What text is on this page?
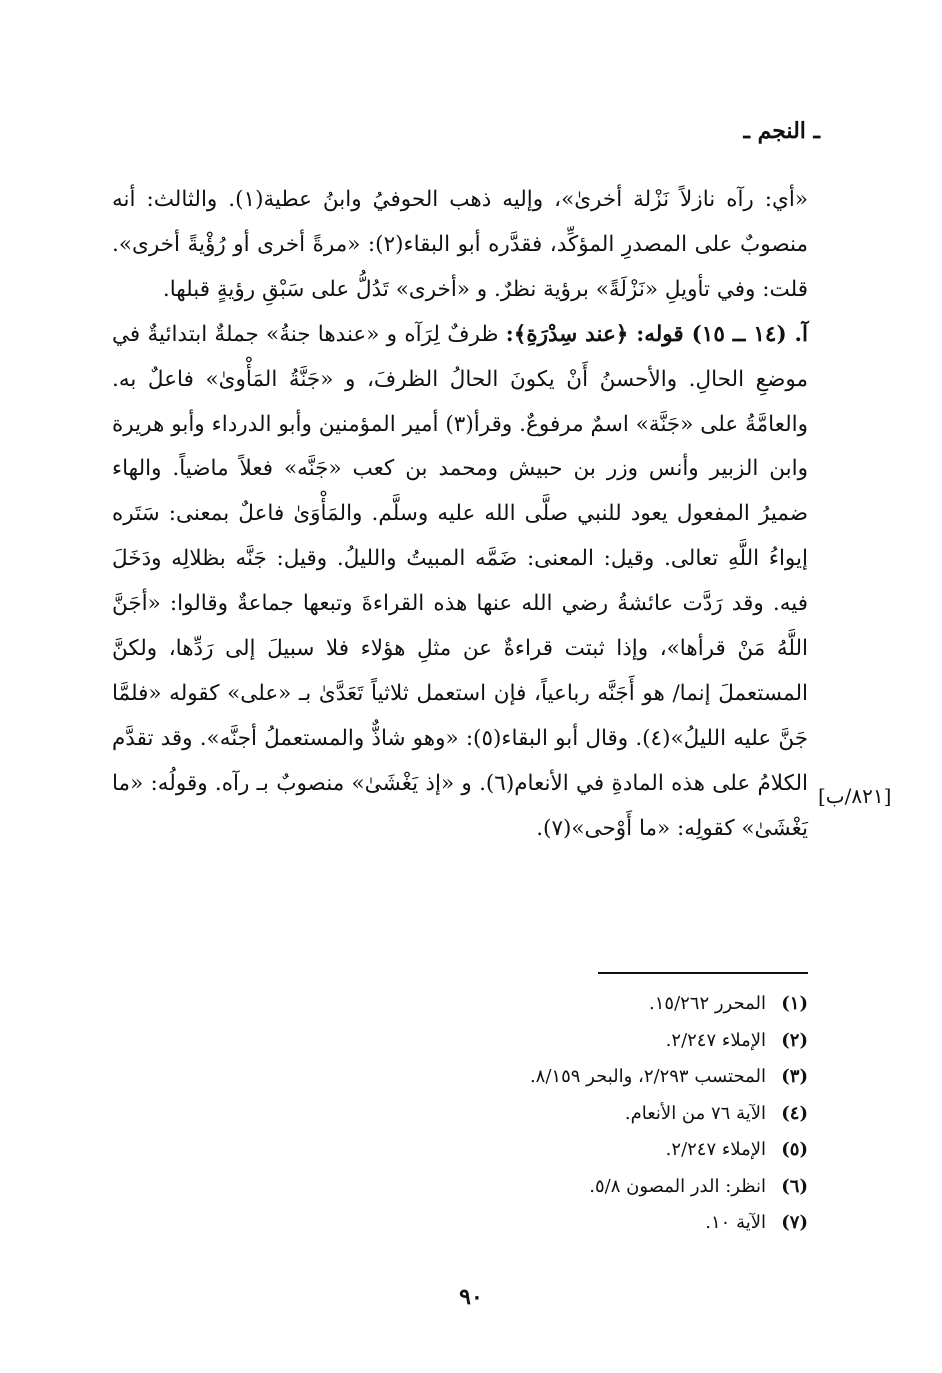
ـ النجم ـ

«أي: رآه نازلاً نَزْلة أخرىٰ»، وإليه ذهب الحوفيُ وابنُ عطية(١). والثالث: أنه منصوبٌ على المصدرِ المؤكِّد، فقدَّره أبو البقاء(٢): «مرةً أخرى أو رُؤْيةً أخرى». قلت: وفي تأويلِ «نَزْلَةً» برؤية نظرٌ. و «أخرى» تَدُلُّ على سَبْقِ رؤيةٍ قبلها.

آ. (١٤ ــ ١٥) قوله: ﴿عند سِدْرَةِ﴾: ظرفٌ لِرَآه و «عندها جنةُ» جملةٌ ابتدائيةٌ في موضعِ الحالِ. والأحسنُ أَنْ يكونَ الحالُ الظرفَ، و «جَنَّةُ المَأْوىٰ» فاعلٌ به. والعامَّةُ على «جَنَّة» اسمٌ مرفوعٌ. وقرأ(٣) أمير المؤمنين وأبو الدرداء وأبو هريرة وابن الزبير وأنس وزر بن حبيش ومحمد بن كعب «جَنَّه» فعلاً ماضياً. والهاء ضميرُ المفعول يعود للنبي صلَّى الله عليه وسلَّم. والمَأْوَىٰ فاعلٌ بمعنى: سَتَره إيواءُ اللَّهِ تعالى. وقيل: المعنى: ضَمَّه المبيتُ والليلُ. وقيل: جَنَّه بظلالِه ودَخَلَ فيه. وقد رَدَّت عائشةُ رضي الله عنها هذه القراءةَ وتبعها جماعةٌ وقالوا: «أجَنَّ اللَّهُ مَنْ قرأها»، وإذا ثبتت قراءةٌ عن مثلِ هؤلاء فلا سبيلَ إلى رَدِّها، ولكنَّ المستعملَ إنما/ هو أَجَنَّه رباعياً، فإن استعمل ثلاثياً تَعَدَّىٰ بـ «على» كقوله «فلمَّا جَنَّ عليه الليلُ»(٤). وقال أبو البقاء(٥): «وهو شاذٌّ والمستعملُ أجنَّه». وقد تقدَّم الكلامُ على هذه المادةِ في الأنعام(٦). و «إذ يَغْشَىٰ» منصوبٌ بـ رآه. وقولُه: «ما يَغْشَىٰ» كقولِه: «ما أَوْحى»(٧).

[٨٢١/ب]
(١)المحرر ١٥/٢٦٢.
(٢)الإملاء ٢/٢٤٧.
(٣)المحتسب ٢/٢٩٣، والبحر ٨/١٥٩.
(٤)الآية ٧٦ من الأنعام.
(٥)الإملاء ٢/٢٤٧.
(٦)انظر: الدر المصون ٥/٨.
(٧)الآية ١٠.
٩٠
